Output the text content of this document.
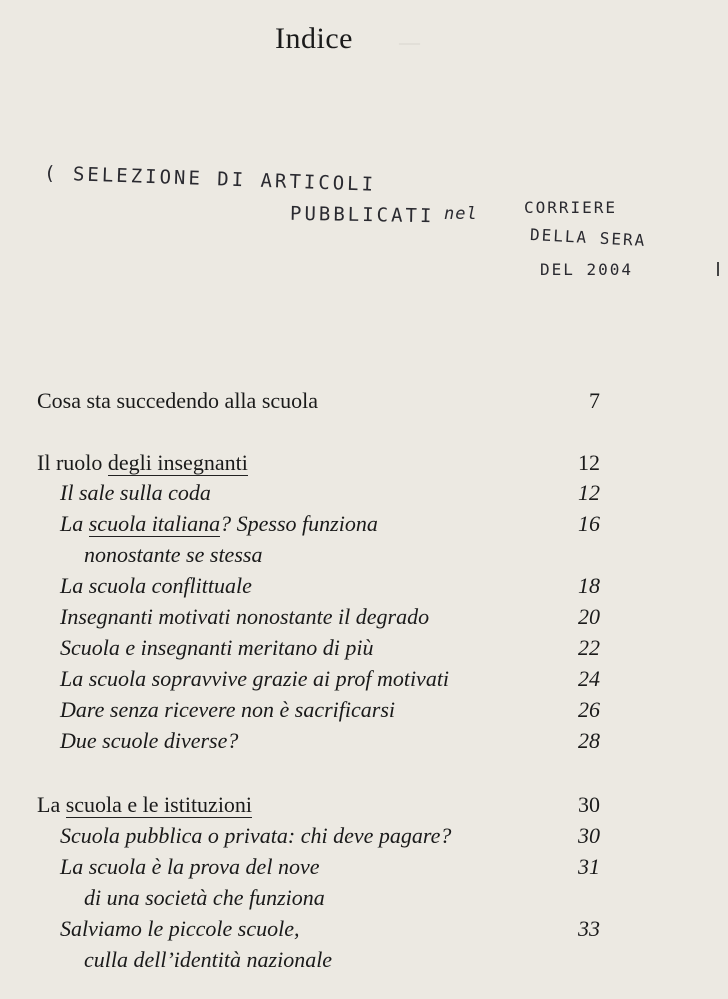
—
Indice
( SELEZIONE DI ARTICOLI
PUBBLICATI nel	CORRIERE
DELLA SERA
DEL 2004
Cosa sta succedendo alla scuola	7
Il ruolo degli insegnanti	12
Il sale sulla coda	12
La scuola italiana? Spesso funziona	16
nonostante se stessa
La scuola conflittuale	18
Insegnanti motivati nonostante il degrado	20
Scuola e insegnanti meritano di più	22
La scuola sopravvive grazie ai prof motivati	24
Dare senza ricevere non è sacrificarsi	26
Due scuole diverse?	28
La scuola e le istituzioni	30
Scuola pubblica o privata: chi deve pagare?	30
La scuola è la prova del nove	31
di una società che funziona
Salviamo le piccole scuole,	33
culla dell’identità nazionale
